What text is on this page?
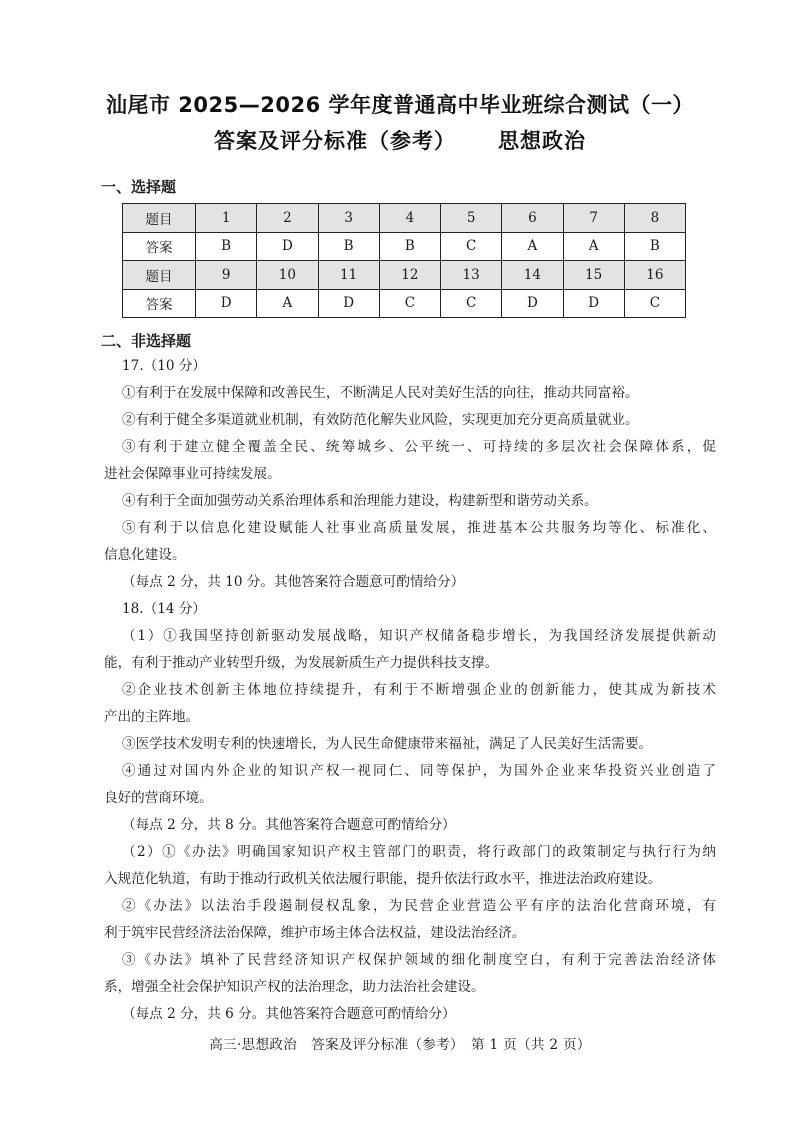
汕尾市 2025—2026 学年度普通高中毕业班综合测试（一）
答案及评分标准（参考） 思想政治
一、选择题
题目	1	2	3	4	5	6	7	8
答案	B	D	B	B	C	A	A	B
题目	9	10	11	12	13	14	15	16
答案	D	A	D	C	C	D	D	C
二、非选择题
17.（10 分）
①有利于在发展中保障和改善民生，不断满足人民对美好生活的向往，推动共同富裕。
②有利于健全多渠道就业机制，有效防范化解失业风险，实现更加充分更高质量就业。
③有利于建立健全覆盖全民、统筹城乡、公平统一、可持续的多层次社会保障体系，促
进社会保障事业可持续发展。
④有利于全面加强劳动关系治理体系和治理能力建设，构建新型和谐劳动关系。
⑤有利于以信息化建设赋能人社事业高质量发展，推进基本公共服务均等化、标准化、
信息化建设。
（每点 2 分，共 10 分。其他答案符合题意可酌情给分）
18.（14 分）
（1）①我国坚持创新驱动发展战略，知识产权储备稳步增长，为我国经济发展提供新动
能，有利于推动产业转型升级，为发展新质生产力提供科技支撑。
②企业技术创新主体地位持续提升，有利于不断增强企业的创新能力，使其成为新技术
产出的主阵地。
③医学技术发明专利的快速增长，为人民生命健康带来福祉，满足了人民美好生活需要。
④通过对国内外企业的知识产权一视同仁、同等保护，为国外企业来华投资兴业创造了
良好的营商环境。
（每点 2 分，共 8 分。其他答案符合题意可酌情给分）
（2）①《办法》明确国家知识产权主管部门的职责，将行政部门的政策制定与执行行为纳
入规范化轨道，有助于推动行政机关依法履行职能，提升依法行政水平，推进法治政府建设。
②《办法》以法治手段遏制侵权乱象，为民营企业营造公平有序的法治化营商环境，有
利于筑牢民营经济法治保障，维护市场主体合法权益，建设法治经济。
③《办法》填补了民营经济知识产权保护领域的细化制度空白，有利于完善法治经济体
系，增强全社会保护知识产权的法治理念，助力法治社会建设。
（每点 2 分，共 6 分。其他答案符合题意可酌情给分）
高三·思想政治　答案及评分标准（参考）　第 1 页（共 2 页）
